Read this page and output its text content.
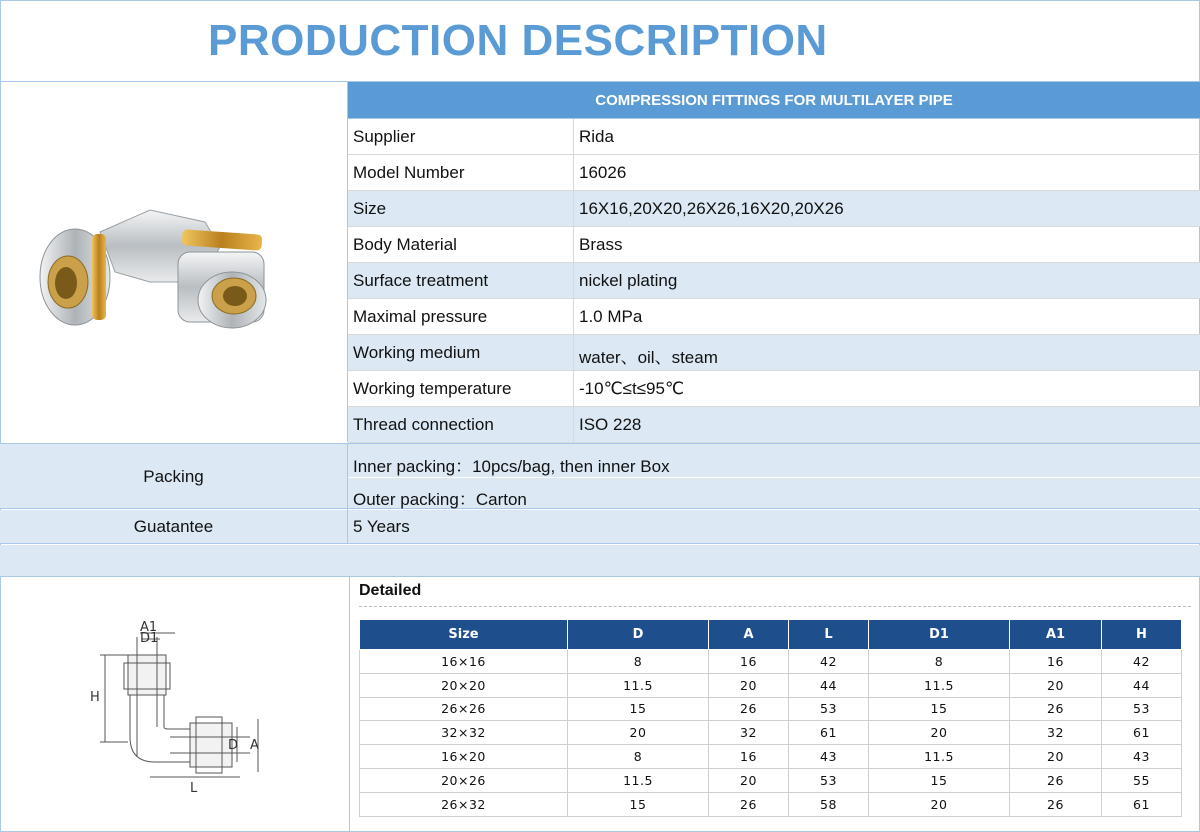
PRODUCTION DESCRIPTION
COMPRESSION FITTINGS FOR MULTILAYER PIPE
Supplier	Rida
Model Number	16026
Size	16X16,20X20,26X26,16X20,20X26
Body Material	Brass
Surface treatment	nickel plating
Maximal pressure	1.0 MPa
Working medium	water、oil、steam
Working temperature	-10℃≤t≤95℃
Thread connection	ISO 228
Packing
Inner packing：10pcs/bag, then inner Box
Outer packing：Carton
Guatantee	5 Years
A1
D1
H
D A
L
Detailed
Size	D	A	L	D1	A1	H
16×16	8	16	42	8	16	42
20×20	11.5	20	44	11.5	20	44
26×26	15	26	53	15	26	53
32×32	20	32	61	20	32	61
16×20	8	16	43	11.5	20	43
20×26	11.5	20	53	15	26	55
26×32	15	26	58	20	26	61
